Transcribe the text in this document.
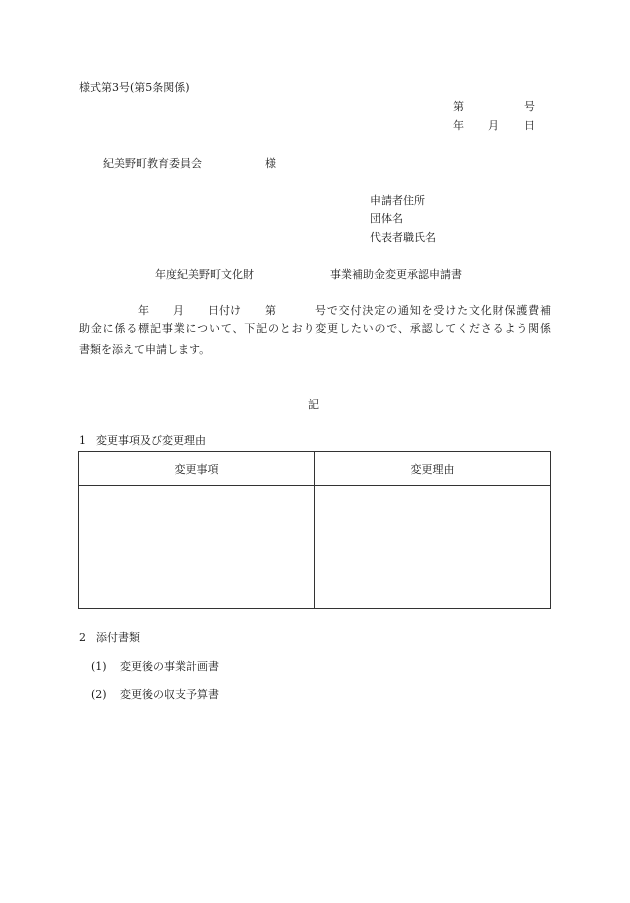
様式第3号(第5条関係)
第	号
年 月 日
紀美野町教育委員会	様
申請者住所
団体名
代表者職氏名
年度紀美野町文化財	事業補助金変更承認申請書
年 月 日付け 第	号で交付決定の通知を受けた文化財保護費補
助金に係る標記事業について、下記のとおり変更したいので、承認してくださるよう関係
書類を添えて申請します。
記
1 変更事項及び変更理由
変更事項	変更理由

2 添付書類
(1) 変更後の事業計画書
(2) 変更後の収支予算書
